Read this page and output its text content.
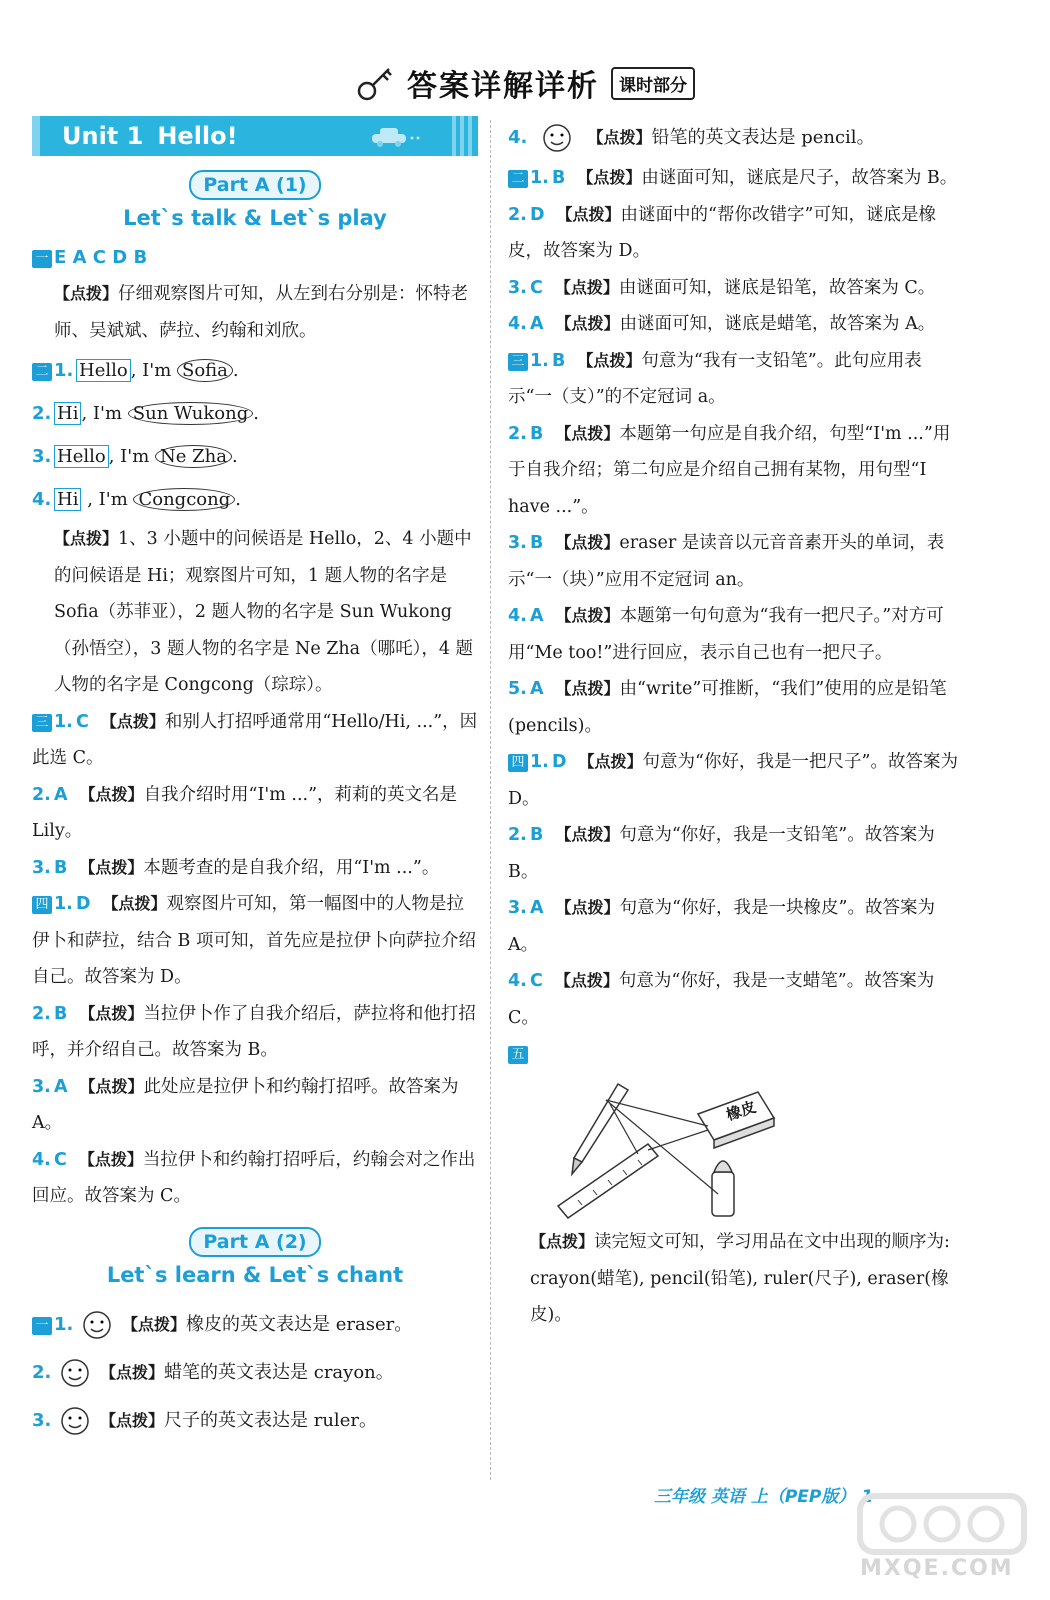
答案详解详析	课时部分
Unit 1 Hello!
Part A (1)
Let`s talk & Let`s play
一 E A C D B
【点拨】仔细观察图片可知，从左到右分别是：怀特老师、吴斌斌、萨拉、约翰和刘欣。
二 1. Hello , I'm Sofia .
2. Hi , I'm Sun Wukong .
3. Hello , I'm Ne Zha .
4. Hi , I'm Congcong .
【点拨】1、3 小题中的问候语是 Hello，2、4 小题中的问候语是 Hi；观察图片可知，1 题人物的名字是 Sofia（苏菲亚），2 题人物的名字是 Sun Wukong（孙悟空），3 题人物的名字是 Ne Zha（哪吒），4 题人物的名字是 Congcong（琮琮）。
三 1. C 【点拨】和别人打招呼通常用“Hello/Hi, ...”，因此选 C。
2. A 【点拨】自我介绍时用“I'm ...”，莉莉的英文名是 Lily。
3. B 【点拨】本题考查的是自我介绍，用“I'm ...”。
四 1. D 【点拨】观察图片可知，第一幅图中的人物是拉伊卜和萨拉，结合 B 项可知，首先应是拉伊卜向萨拉介绍自己。故答案为 D。
2. B 【点拨】当拉伊卜作了自我介绍后，萨拉将和他打招呼，并介绍自己。故答案为 B。
3. A 【点拨】此处应是拉伊卜和约翰打招呼。故答案为 A。
4. C 【点拨】当拉伊卜和约翰打招呼后，约翰会对之作出回应。故答案为 C。
Part A (2)
Let`s learn & Let`s chant
一 1.	【点拨】橡皮的英文表达是 eraser。
2.	【点拨】蜡笔的英文表达是 crayon。
3.	【点拨】尺子的英文表达是 ruler。
4.	【点拨】铅笔的英文表达是 pencil。
二 1. B 【点拨】由谜面可知，谜底是尺子，故答案为 B。
2. D 【点拨】由谜面中的“帮你改错字”可知，谜底是橡皮，故答案为 D。
3. C 【点拨】由谜面可知，谜底是铅笔，故答案为 C。
4. A 【点拨】由谜面可知，谜底是蜡笔，故答案为 A。
三 1. B 【点拨】句意为“我有一支铅笔”。此句应用表示“一（支）”的不定冠词 a。
2. B 【点拨】本题第一句应是自我介绍，句型“I'm ...”用于自我介绍；第二句应是介绍自己拥有某物，用句型“I have ...”。
3. B 【点拨】eraser 是读音以元音音素开头的单词，表示“一（块）”应用不定冠词 an。
4. A 【点拨】本题第一句句意为“我有一把尺子。”对方可用“Me too!”进行回应，表示自己也有一把尺子。
5. A 【点拨】由“write”可推断，“我们”使用的应是铅笔 (pencils)。
四 1. D 【点拨】句意为“你好，我是一把尺子”。故答案为 D。
2. B 【点拨】句意为“你好，我是一支铅笔”。故答案为 B。
3. A 【点拨】句意为“你好，我是一块橡皮”。故答案为 A。
4. C 【点拨】句意为“你好，我是一支蜡笔”。故答案为 C。
五
橡皮
【点拨】读完短文可知，学习用品在文中出现的顺序为: crayon(蜡笔), pencil(铅笔), ruler(尺子), eraser(橡皮)。
三年级 英语 上（PEP版） 1
MXQE.COM
